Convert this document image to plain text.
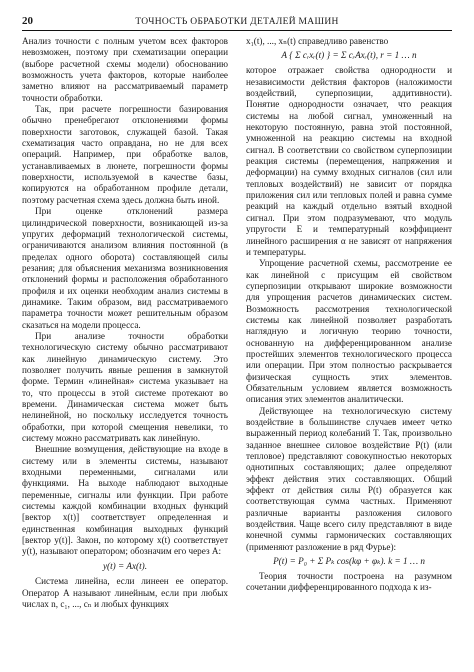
20	ТОЧНОСТЬ ОБРАБОТКИ ДЕТАЛЕЙ МАШИН

Анализ точности с полным учетом всех факторов невозможен, поэтому при схематизации операции (выборе расчетной схемы модели) обоснованию возможность учета факторов, которые наиболее заметно влияют на рассматриваемый параметр точности обработки.

Так, при расчете погрешности базирования обычно пренебрегают отклонениями формы поверхности заготовок, служащей базой. Такая схематизация часто оправдана, но не для всех операций. Например, при обработке валов, устанавливаемых в люнете, погрешности формы поверхности, используемой в качестве базы, копируются на обработанном профиле детали, поэтому расчетная схема здесь должна быть иной.

При оценке отклонений размера цилиндрической поверхности, возникающей из-за упругих деформаций технологической системы, ограничиваются анализом влияния постоянной (в пределах одного оборота) составляющей силы резания; для объяснения механизма возникновения отклонений формы и расположения обработанного профиля и их оценки необходим анализ системы в динамике. Таким образом, вид рассматриваемого параметра точности может решительным образом сказаться на модели процесса.

При анализе точности обработки технологическую систему обычно рассматривают как линейную динамическую систему. Это позволяет получить явные решения в замкнутой форме. Термин «линейная» система указывает на то, что процессы в этой системе протекают во времени. Динамическая система может быть нелинейной, но поскольку исследуется точность обработки, при которой смещения невелики, то систему можно рассматривать как линейную.

Внешние возмущения, действующие на входе в систему или в элементы системы, называют входными переменными, сигналами или функциями. На выходе наблюдают выходные переменные, сигналы или функции. При работе системы каждой комбинации входных функций [вектор x(t)] соответствует определенная и единственная комбинация выходных функций [вектор y(t)]. Закон, по которому x(t) соответствует y(t), называют оператором; обозначим его через A:

y(t) = Ax(t).

Система линейна, если линеен ее оператор. Оператор A называют линейным, если при любых числах n, c₁, ..., cₙ и любых функциях

x₁(t), ..., xₙ(t) справедливо равенство

A { Σ cᵣxᵣ(t) } = Σ cᵣAxᵣ(t), r = 1 … n

которое отражает свойства однородности и независимости действия факторов (наложимости воздействий, суперпозиции, аддитивности). Понятие однородности означает, что реакция системы на любой сигнал, умноженный на некоторую постоянную, равна этой постоянной, умноженной на реакцию системы на входной сигнал. В соответствии со свойством суперпозиции реакция системы (перемещения, напряжения и деформации) на сумму входных сигналов (сил или тепловых воздействий) не зависит от порядка приложения сил или тепловых полей и равна сумме реакций на каждый отдельно взятый входной сигнал. При этом подразумевают, что модуль упругости E и температурный коэффициент линейного расширения α не зависят от напряжения и температуры.

Упрощение расчетной схемы, рассмотрение ее как линейной с присущим ей свойством суперпозиции открывают широкие возможности для упрощения расчетов динамических систем. Возможность рассмотрения технологической системы как линейной позволяет разработать наглядную и логичную теорию точности, основанную на дифференцированном анализе простейших элементов технологического процесса или операции. При этом полностью раскрывается физическая сущность этих элементов. Обязательным условием является возможность описания этих элементов аналитически.

Действующее на технологическую систему воздействие в большинстве случаев имеет четко выраженный период колебаний T. Так, произвольно заданное внешнее силовое воздействие P(t) (или тепловое) представляют совокупностью некоторых однотипных составляющих; далее определяют эффект действия этих составляющих. Общий эффект от действия силы P(t) образуется как соответствующая сумма частных. Применяют различные варианты разложения силового воздействия. Чаще всего силу представляют в виде конечной суммы гармонических составляющих (применяют разложение в ряд Фурье):

P(t) = P₀ + Σ Pₖ cos(kφ + φₖ). k = 1 … n

Теория точности построена на разумном сочетании дифференцированного подхода к из-
